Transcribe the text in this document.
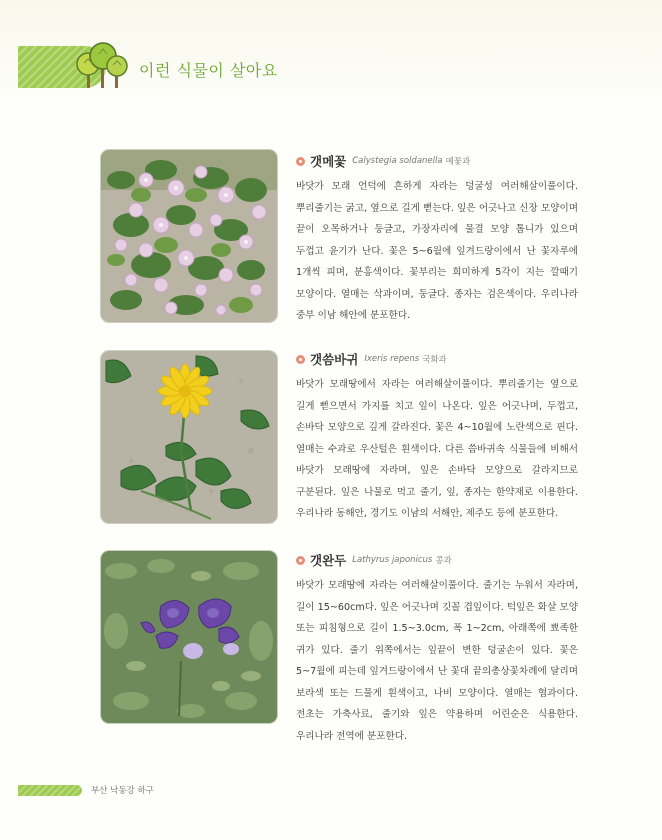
이런 식물이 살아요
갯메꽃 Calystegia soldanella 메꽃과

바닷가 모래 언덕에 흔하게 자라는 덩굴성 여러해살이풀이다. 뿌리줄기는 굵고, 옆으로 길게 뻗는다. 잎은 어긋나고 신장 모양이며 끝이 오목하거나 둥글고, 가장자리에 물결 모양 톱니가 있으며 두껍고 윤기가 난다. 꽃은 5~6월에 잎겨드랑이에서 난 꽃자루에 1개씩 피며, 분홍색이다. 꽃부리는 희미하게 5각이 지는 깔때기 모양이다. 열매는 삭과이며, 둥글다. 종자는 검은색이다. 우리나라 중부 이남 해안에 분포한다.

갯씀바귀 Ixeris repens 국화과

바닷가 모래땅에서 자라는 여러해살이풀이다. 뿌리줄기는 옆으로 길게 뻗으면서 가지를 치고 잎이 나온다. 잎은 어긋나며, 두껍고, 손바닥 모양으로 깊게 갈라진다. 꽃은 4~10월에 노란색으로 핀다. 열매는 수과로 우산털은 흰색이다. 다른 씀바귀속 식물들에 비해서 바닷가 모래땅에 자라며, 잎은 손바닥 모양으로 갈라지므로 구분된다. 잎은 나물로 먹고 줄기, 잎, 종자는 한약재로 이용한다. 우리나라 동해안, 경기도 이남의 서해안, 제주도 등에 분포한다.

갯완두 Lathyrus japonicus 콩과

바닷가 모래땅에 자라는 여러해살이풀이다. 줄기는 누워서 자라며, 길이 15~60cm다. 잎은 어긋나며 깃꼴 겹잎이다. 턱잎은 화살 모양 또는 피침형으로 길이 1.5~3.0cm, 폭 1~2cm, 아래쪽에 뾰족한 귀가 있다. 줄기 위쪽에서는 잎끝이 변한 덩굴손이 있다. 꽃은 5~7월에 피는데 잎겨드랑이에서 난 꽃대 끝의총상꽃차례에 달리며 보라색 또는 드물게 흰색이고, 나비 모양이다. 열매는 협과이다. 전초는 가축사료, 줄기와 잎은 약용하며 어린순은 식용한다. 우리나라 전역에 분포한다.

부산 낙동강 하구
